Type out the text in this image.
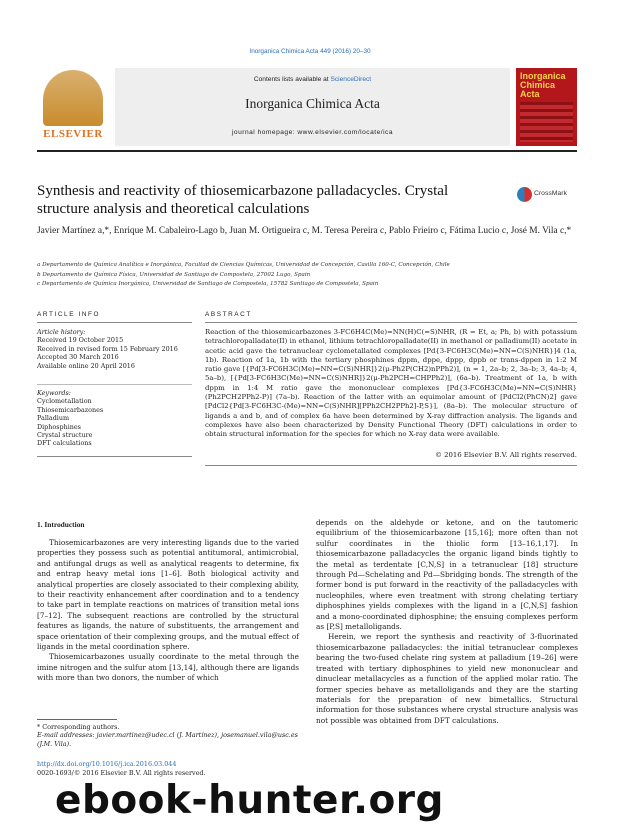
Inorganica Chimica Acta 449 (2016) 20–30
ELSEVIER
Contents lists available at ScienceDirect
Inorganica Chimica Acta
journal homepage: www.elsevier.com/locate/ica
Inorganica Chimica Acta
Synthesis and reactivity of thiosemicarbazone palladacycles. Crystal structure analysis and theoretical calculations
CrossMark
Javier Martínez a,*, Enrique M. Cabaleiro-Lago b, Juan M. Ortigueira c, M. Teresa Pereira c, Pablo Frieiro c, Fátima Lucio c, José M. Vila c,*
a Departamento de Química Analítica e Inorgánica, Facultad de Ciencias Químicas, Universidad de Concepción, Casilla 160-C, Concepción, Chile
b Departamento de Química Física, Universidad de Santiago de Compostela, 27002 Lugo, Spain
c Departamento de Química Inorgánica, Universidad de Santiago de Compostela, 15782 Santiago de Compostela, Spain
ARTICLE INFO	ABSTRACT
Article history:
Received 19 October 2015
Received in revised form 15 February 2016
Accepted 30 March 2016
Available online 20 April 2016
Keywords:
Cyclometallation
Thiosemicarbazones
Palladium
Diphosphines
Crystal structure
DFT calculations
Reaction of the thiosemicarbazones 3-FC6H4C(Me)=NN(H)C(=S)NHR, (R = Et, a; Ph, b) with potassium tetrachloropalladate(II) in ethanol, lithium tetrachloropalladate(II) in methanol or palladium(II) acetate in acetic acid gave the tetranuclear cyclometallated complexes [Pd{3-FC6H3C(Me)=NN=C(S)NHR}]4 (1a, 1b). Reaction of 1a, 1b with the tertiary phosphines dppm, dppe, dppp, dppb or trans-dppen in 1:2 M ratio gave [{Pd[3-FC6H3C(Me)=NN=C(S)NHR]}2(μ-Ph2P(CH2)nPPh2)], (n = 1, 2a–b; 2, 3a–b; 3, 4a–b; 4, 5a–b), [{Pd[3-FC6H3C(Me)=NN=C(S)NHR]}2(μ-Ph2PCH=CHPPh2)], (6a–b). Treatment of 1a, b with dppm in 1:4 M ratio gave the mononuclear complexes [Pd{3-FC6H3C(Me)=NN=C(S)NHR}(Ph2PCH2PPh2-P)] (7a–b). Reaction of the latter with an equimolar amount of [PdCl2(PhCN)2] gave [PdCl2{Pd[3-FC6H3C-(Me)=NN=C(S)NHR][PPh2CH2PPh2]-P,S}], (8a–b). The molecular structure of ligands a and b, and of complex 6a have been determined by X-ray diffraction analysis. The ligands and complexes have also been characterized by Density Functional Theory (DFT) calculations in order to obtain structural information for the species for which no X-ray data were available.
© 2016 Elsevier B.V. All rights reserved.
1. Introduction

Thiosemicarbazones are very interesting ligands due to the varied properties they possess such as potential antitumoral, antimicrobial, and antifungal drugs as well as analytical reagents to determine, fix and entrap heavy metal ions [1–6]. Both biological activity and analytical properties are closely associated to their complexing ability, to their reactivity enhancement after coordination and to a tendency to take part in template reactions on matrices of transition metal ions [7–12]. The subsequent reactions are controlled by the structural features as ligands, the nature of substituents, the arrangement and space orientation of their complexing groups, and the mutual effect of ligands in the metal coordination sphere.

Thiosemicarbazones usually coordinate to the metal through the imine nitrogen and the sulfur atom [13,14], although there are ligands with more than two donors, the number of which

depends on the aldehyde or ketone, and on the tautomeric equilibrium of the thiosemicarbazone [15,16]; more often than not sulfur coordinates in the thiolic form [13–16,1,17]. In thiosemicarbazone palladacycles the organic ligand binds tightly to the metal as terdentate [C,N,S] in a tetranuclear [18] structure through Pd—Schelating and Pd—Sbridging bonds. The strength of the former bond is put forward in the reactivity of the palladacycles with nucleophiles, where even treatment with strong chelating tertiary diphosphines yields complexes with the ligand in a [C,N,S] fashion and a mono-coordinated diphosphine; the ensuing complexes perform as [P,S] metalloligands.

Herein, we report the synthesis and reactivity of 3-fluorinated thiosemicarbazone palladacycles: the initial tetranuclear complexes bearing the two-fused chelate ring system at palladium [19–26] were treated with tertiary diphosphines to yield new mononuclear and dinuclear metallacycles as a function of the applied molar ratio. The former species behave as metalloligands and they are the starting materials for the preparation of new bimetallics. Structural information for those substances where crystal structure analysis was not possible was obtained from DFT calculations.

* Corresponding authors.
E-mail addresses: javier.martinez@udec.cl (J. Martínez), josemanuel.vila@usc.es (J.M. Vila).
http://dx.doi.org/10.1016/j.ica.2016.03.044
0020-1693/© 2016 Elsevier B.V. All rights reserved.
ebook-hunter.org
